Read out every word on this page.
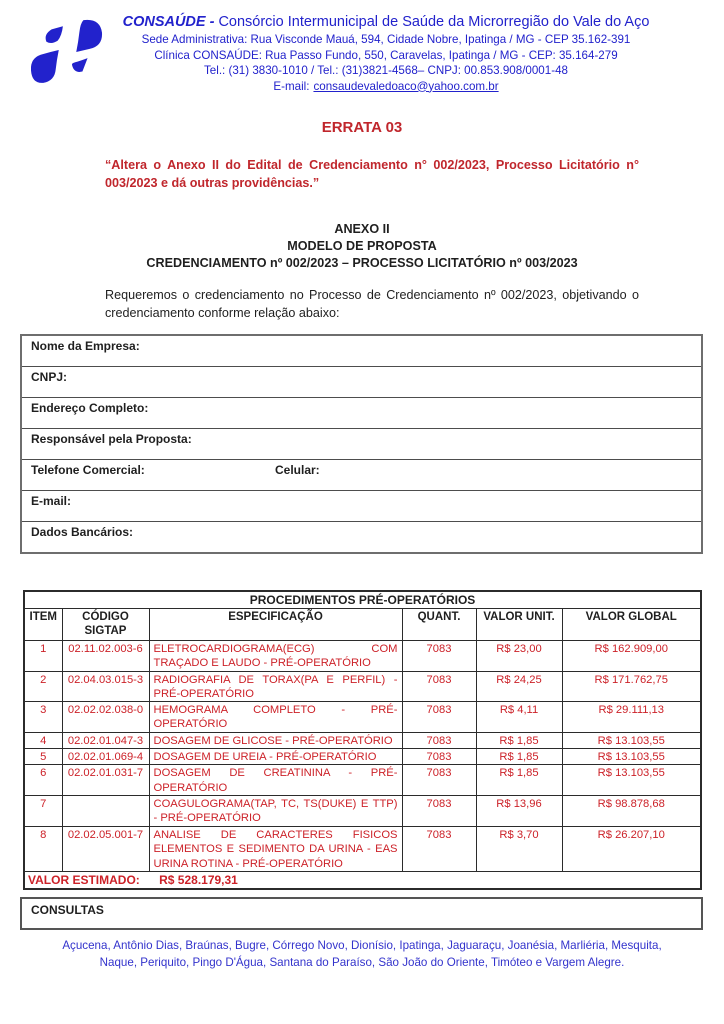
CONSAÚDE - Consórcio Intermunicipal de Saúde da Microrregião do Vale do Aço
Sede Administrativa: Rua Visconde Mauá, 594, Cidade Nobre, Ipatinga / MG - CEP 35.162-391
Clínica CONSAÚDE: Rua Passo Fundo, 550, Caravelas, Ipatinga / MG - CEP: 35.164-279
Tel.: (31) 3830-1010 / Tel.: (31)3821-4568– CNPJ: 00.853.908/0001-48
E-mail: consaudevaledoaco@yahoo.com.br
ERRATA 03
“Altera o Anexo II do Edital de Credenciamento n° 002/2023, Processo Licitatório n° 003/2023 e dá outras providências.”
ANEXO II
MODELO DE PROPOSTA
CREDENCIAMENTO nº 002/2023 – PROCESSO LICITATÓRIO nº 003/2023
Requeremos o credenciamento no Processo de Credenciamento nº 002/2023, objetivando o credenciamento conforme relação abaixo:
Nome da Empresa:
CNPJ:
Endereço Completo:
Responsável pela Proposta:
Telefone Comercial:	Celular:
E-mail:
Dados Bancários:
PROCEDIMENTOS PRÉ-OPERATÓRIOS					
ITEM	CÓDIGO SIGTAP	ESPECIFICAÇÃO	QUANT.	VALOR UNIT.	VALOR GLOBAL
1	02.11.02.003-6	ELETROCARDIOGRAMA(ECG) COM TRAÇADO E LAUDO - PRÉ-OPERATÓRIO	7083	R$ 23,00	R$ 162.909,00
2	02.04.03.015-3	RADIOGRAFIA DE TORAX(PA E PERFIL) - PRÉ-OPERATÓRIO	7083	R$ 24,25	R$ 171.762,75
3	02.02.02.038-0	HEMOGRAMA COMPLETO - PRÉ-OPERATÓRIO	7083	R$ 4,11	R$ 29.111,13
4	02.02.01.047-3	DOSAGEM DE GLICOSE - PRÉ-OPERATÓRIO	7083	R$ 1,85	R$ 13.103,55
5	02.02.01.069-4	DOSAGEM DE UREIA - PRÉ-OPERATÓRIO	7083	R$ 1,85	R$ 13.103,55
6	02.02.01.031-7	DOSAGEM DE CREATININA - PRÉ-OPERATÓRIO	7083	R$ 1,85	R$ 13.103,55
7		COAGULOGRAMA(TAP, TC, TS(DUKE) E TTP) - PRÉ-OPERATÓRIO	7083	R$ 13,96	R$ 98.878,68
8	02.02.05.001-7	ANALISE DE CARACTERES FISICOS ELEMENTOS E SEDIMENTO DA URINA - EAS URINA ROTINA - PRÉ-OPERATÓRIO	7083	R$ 3,70	R$ 26.207,10
VALOR ESTIMADO: R$ 528.179,31					
CONSULTAS
Açucena, Antônio Dias, Braúnas, Bugre, Córrego Novo, Dionísio, Ipatinga, Jaguaraçu, Joanésia, Marliéria, Mesquita, Naque, Periquito, Pingo D'Água, Santana do Paraíso, São João do Oriente, Timóteo e Vargem Alegre.
